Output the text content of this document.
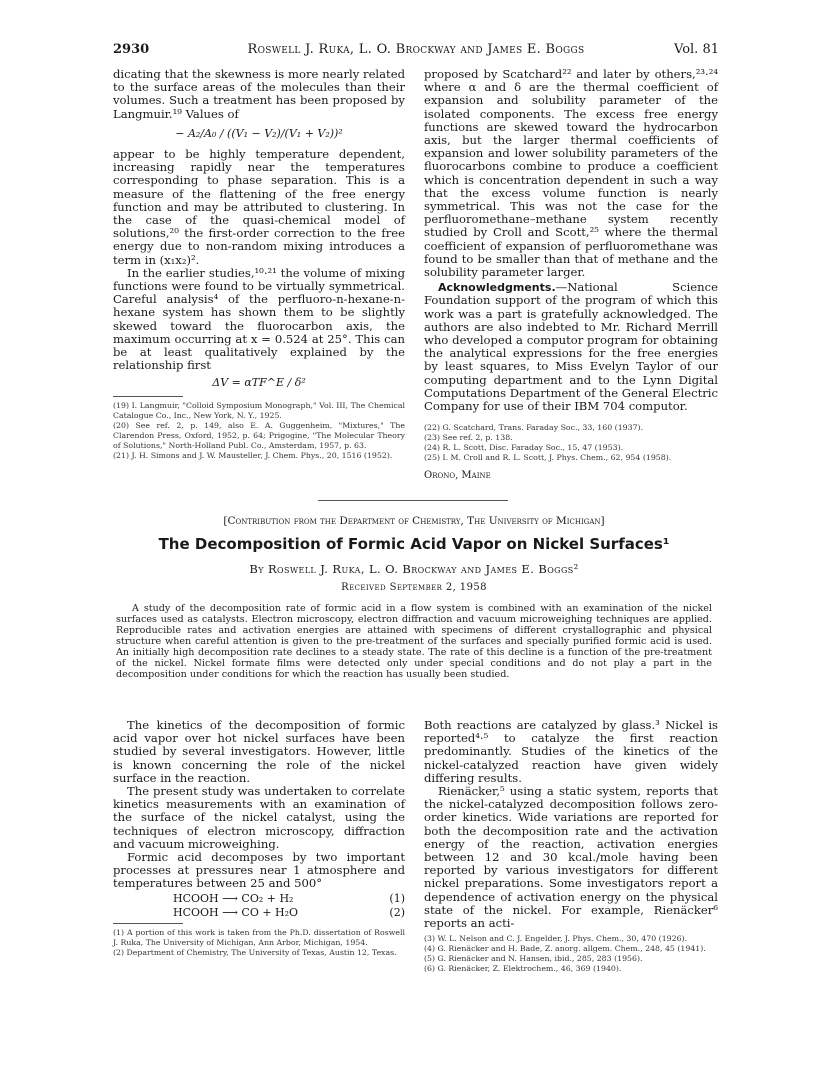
2930	Roswell J. Ruka, L. O. Brockway and James E. Boggs	Vol. 81

dicating that the skewness is more nearly related to the surface areas of the molecules than their volumes. Such a treatment has been proposed by Langmuir.¹⁹ Values of

− A₂/A₀ / ((V₁ − V₂)/(V₁ + V₂))²

appear to be highly temperature dependent, increasing rapidly near the temperatures corresponding to phase separation. This is a measure of the flattening of the free energy function and may be attributed to clustering. In the case of the quasi-chemical model of solutions,²⁰ the first-order correction to the free energy due to non-random mixing introduces a term in (x₁x₂)².

In the earlier studies,¹⁰·²¹ the volume of mixing functions were found to be virtually symmetrical. Careful analysis⁴ of the perfluoro-n-hexane-n-hexane system has shown them to be slightly skewed toward the fluorocarbon axis, the maximum occurring at x = 0.524 at 25°. This can be at least qualitatively explained by the relationship first

ΔV = αTF^E / δ²
(19) I. Langmuir, "Colloid Symposium Monograph," Vol. III, The Chemical Catalogue Co., Inc., New York, N. Y., 1925.
(20) See ref. 2, p. 149, also E. A. Guggenheim, "Mixtures," The Clarendon Press, Oxford, 1952, p. 64; Prigogine, "The Molecular Theory of Solutions," North-Holland Publ. Co., Amsterdam, 1957, p. 63.
(21) J. H. Simons and J. W. Mausteller, J. Chem. Phys., 20, 1516 (1952).

proposed by Scatchard²² and later by others,²³·²⁴ where α and δ are the thermal coefficient of expansion and solubility parameter of the isolated components. The excess free energy functions are skewed toward the hydrocarbon axis, but the larger thermal coefficients of expansion and lower solubility parameters of the fluorocarbons combine to produce a coefficient which is concentration dependent in such a way that the excess volume function is nearly symmetrical. This was not the case for the perfluoromethane–methane system recently studied by Croll and Scott,²⁵ where the thermal coefficient of expansion of perfluoromethane was found to be smaller than that of methane and the solubility parameter larger.

Acknowledgments.—National Science Foundation support of the program of which this work was a part is gratefully acknowledged. The authors are also indebted to Mr. Richard Merrill who developed a computor program for obtaining the analytical expressions for the free energies by least squares, to Miss Evelyn Taylor of our computing department and to the Lynn Digital Computations Department of the General Electric Company for use of their IBM 704 computor.

(22) G. Scatchard, Trans. Faraday Soc., 33, 160 (1937).
(23) See ref. 2, p. 138.
(24) R. L. Scott, Disc. Faraday Soc., 15, 47 (1953).
(25) I. M. Croll and R. L. Scott, J. Phys. Chem., 62, 954 (1958).
Orono, Maine
[Contribution from the Department of Chemistry, The University of Michigan]
The Decomposition of Formic Acid Vapor on Nickel Surfaces¹
By Roswell J. Ruka, L. O. Brockway and James E. Boggs²
Received September 2, 1958

A study of the decomposition rate of formic acid in a flow system is combined with an examination of the nickel surfaces used as catalysts. Electron microscopy, electron diffraction and vacuum microweighing techniques are applied. Reproducible rates and activation energies are attained with specimens of different crystallographic and physical structure when careful attention is given to the pre-treatment of the surfaces and specially purified formic acid is used. An initially high decomposition rate declines to a steady state. The rate of this decline is a function of the pre-treatment of the nickel. Nickel formate films were detected only under special conditions and do not play a part in the decomposition under conditions for which the reaction has usually been studied.

The kinetics of the decomposition of formic acid vapor over hot nickel surfaces have been studied by several investigators. However, little is known concerning the role of the nickel surface in the reaction.

The present study was undertaken to correlate kinetics measurements with an examination of the surface of the nickel catalyst, using the techniques of electron microscopy, diffraction and vacuum microweighing.

Formic acid decomposes by two important processes at pressures near 1 atmosphere and temperatures between 25 and 500°

HCOOH ⟶ CO₂ + H₂	(1)
HCOOH ⟶ CO + H₂O	(2)
(1) A portion of this work is taken from the Ph.D. dissertation of Roswell J. Ruka, The University of Michigan, Ann Arbor, Michigan, 1954.
(2) Department of Chemistry, The University of Texas, Austin 12, Texas.

Both reactions are catalyzed by glass.³ Nickel is reported⁴·⁵ to catalyze the first reaction predominantly. Studies of the kinetics of the nickel-catalyzed reaction have given widely differing results.

Rienäcker,⁵ using a static system, reports that the nickel-catalyzed decomposition follows zero-order kinetics. Wide variations are reported for both the decomposition rate and the activation energy of the reaction, activation energies between 12 and 30 kcal./mole having been reported by various investigators for different nickel preparations. Some investigators report a dependence of activation energy on the physical state of the nickel. For example, Rienäcker⁶ reports an acti-

(3) W. L. Nelson and C. J. Engelder, J. Phys. Chem., 30, 470 (1926).
(4) G. Rienäcker and H. Bade, Z. anorg. allgem. Chem., 248, 45 (1941).
(5) G. Rienäcker and N. Hansen, ibid., 285, 283 (1956).
(6) G. Rienäcker, Z. Elektrochem., 46, 369 (1940).
